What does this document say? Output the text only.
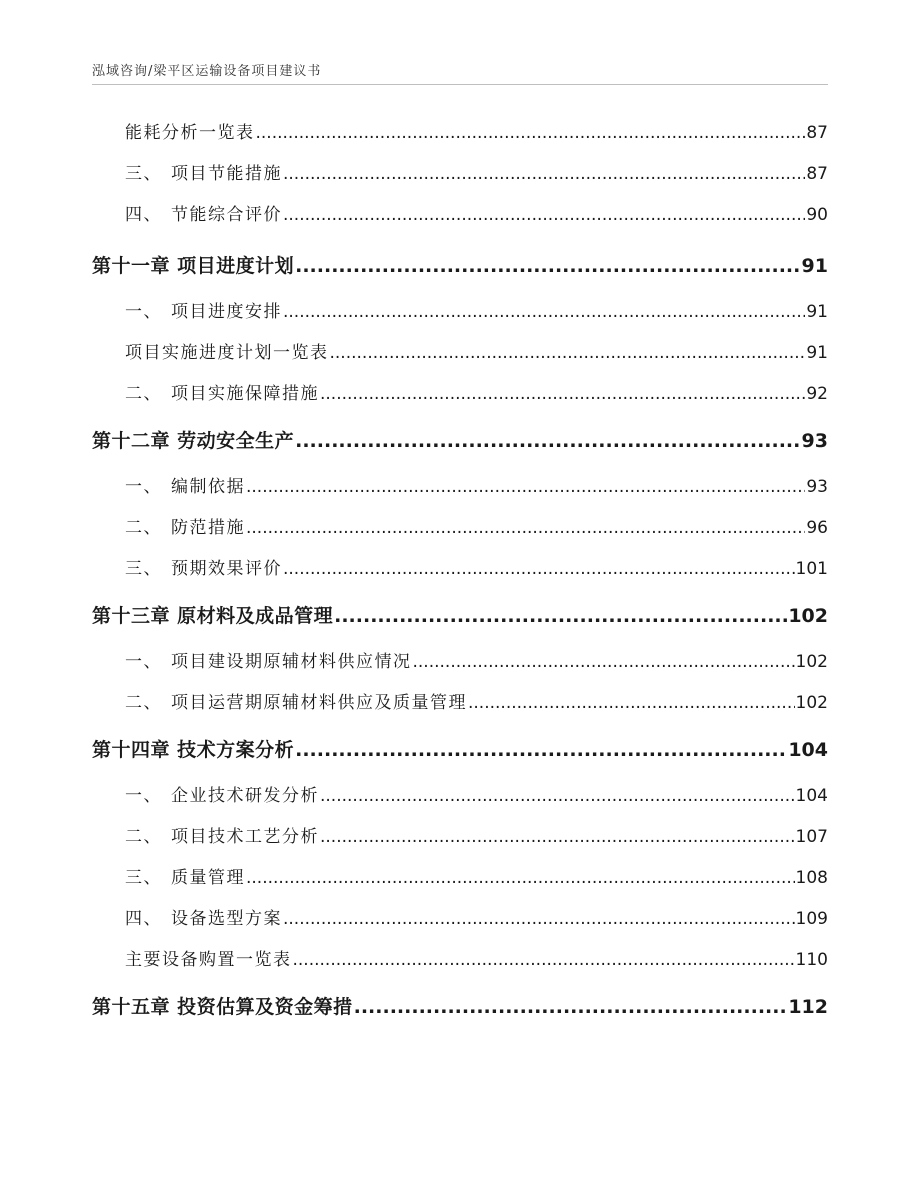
泓域咨询/梁平区运输设备项目建议书
能耗分析一览表 .....	87
三、 项目节能措施 .....	87
四、 节能综合评价 .....	90
第十一章 项目进度计划 .....	91
一、 项目进度安排 .....	91
项目实施进度计划一览表 .....	91
二、 项目实施保障措施 .....	92
第十二章 劳动安全生产 .....	93
一、 编制依据 .....	93
二、 防范措施 .....	96
三、 预期效果评价 .....	101
第十三章 原材料及成品管理 .....	102
一、 项目建设期原辅材料供应情况 .....	102
二、 项目运营期原辅材料供应及质量管理 .....	102
第十四章 技术方案分析 .....	104
一、 企业技术研发分析 .....	104
二、 项目技术工艺分析 .....	107
三、 质量管理 .....	108
四、 设备选型方案 .....	109
主要设备购置一览表 .....	110
第十五章 投资估算及资金筹措 .....	112
